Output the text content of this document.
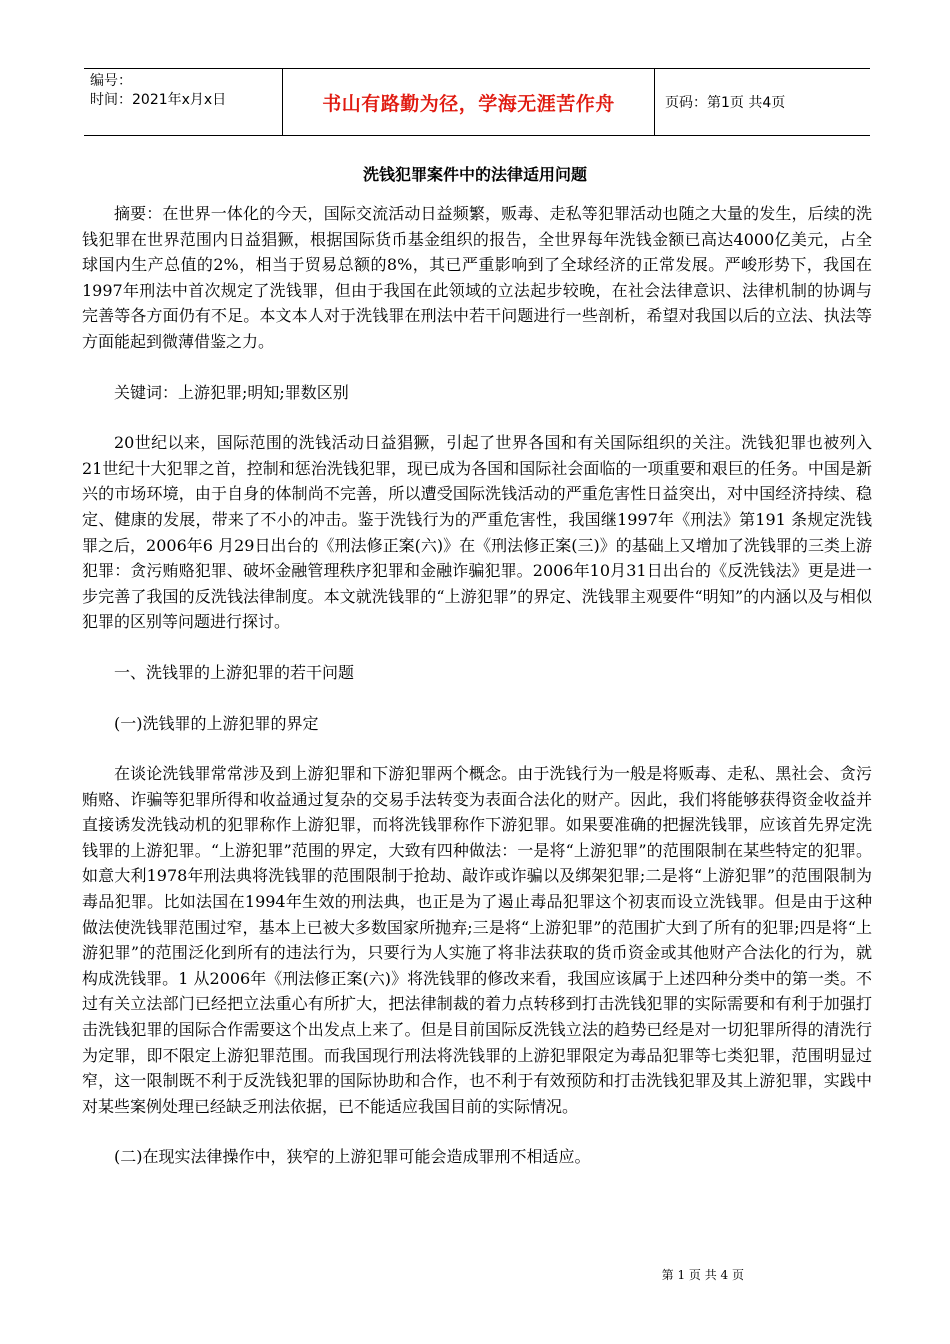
编号：
时间：2021年x月x日	书山有路勤为径，学海无涯苦作舟	页码：第1页 共4页
洗钱犯罪案件中的法律适用问题

摘要：在世界一体化的今天，国际交流活动日益频繁，贩毒、走私等犯罪活动也随之大量的发生，后续的洗钱犯罪在世界范围内日益猖獗，根据国际货币基金组织的报告，全世界每年洗钱金额已高达4000亿美元，占全球国内生产总值的2%，相当于贸易总额的8%，其已严重影响到了全球经济的正常发展。严峻形势下，我国在1997年刑法中首次规定了洗钱罪，但由于我国在此领域的立法起步较晚，在社会法律意识、法律机制的协调与完善等各方面仍有不足。本文本人对于洗钱罪在刑法中若干问题进行一些剖析，希望对我国以后的立法、执法等方面能起到微薄借鉴之力。

关键词：上游犯罪;明知;罪数区别

20世纪以来，国际范围的洗钱活动日益猖獗，引起了世界各国和有关国际组织的关注。洗钱犯罪也被列入21世纪十大犯罪之首，控制和惩治洗钱犯罪，现已成为各国和国际社会面临的一项重要和艰巨的任务。中国是新兴的市场环境，由于自身的体制尚不完善，所以遭受国际洗钱活动的严重危害性日益突出，对中国经济持续、稳定、健康的发展，带来了不小的冲击。鉴于洗钱行为的严重危害性，我国继1997年《刑法》第191 条规定洗钱罪之后，2006年6 月29日出台的《刑法修正案(六)》在《刑法修正案(三)》的基础上又增加了洗钱罪的三类上游犯罪：贪污贿赂犯罪、破坏金融管理秩序犯罪和金融诈骗犯罪。2006年10月31日出台的《反洗钱法》更是进一步完善了我国的反洗钱法律制度。本文就洗钱罪的“上游犯罪”的界定、洗钱罪主观要件“明知”的内涵以及与相似犯罪的区别等问题进行探讨。

一、洗钱罪的上游犯罪的若干问题

(一)洗钱罪的上游犯罪的界定

在谈论洗钱罪常常涉及到上游犯罪和下游犯罪两个概念。由于洗钱行为一般是将贩毒、走私、黑社会、贪污贿赂、诈骗等犯罪所得和收益通过复杂的交易手法转变为表面合法化的财产。因此，我们将能够获得资金收益并直接诱发洗钱动机的犯罪称作上游犯罪，而将洗钱罪称作下游犯罪。如果要准确的把握洗钱罪，应该首先界定洗钱罪的上游犯罪。“上游犯罪”范围的界定，大致有四种做法：一是将“上游犯罪”的范围限制在某些特定的犯罪。如意大利1978年刑法典将洗钱罪的范围限制于抢劫、敲诈或诈骗以及绑架犯罪;二是将“上游犯罪”的范围限制为毒品犯罪。比如法国在1994年生效的刑法典，也正是为了遏止毒品犯罪这个初衷而设立洗钱罪。但是由于这种做法使洗钱罪范围过窄，基本上已被大多数国家所抛弃;三是将“上游犯罪”的范围扩大到了所有的犯罪;四是将“上游犯罪”的范围泛化到所有的违法行为，只要行为人实施了将非法获取的货币资金或其他财产合法化的行为，就构成洗钱罪。1 从2006年《刑法修正案(六)》将洗钱罪的修改来看，我国应该属于上述四种分类中的第一类。不过有关立法部门已经把立法重心有所扩大，把法律制裁的着力点转移到打击洗钱犯罪的实际需要和有利于加强打击洗钱犯罪的国际合作需要这个出发点上来了。但是目前国际反洗钱立法的趋势已经是对一切犯罪所得的清洗行为定罪，即不限定上游犯罪范围。而我国现行刑法将洗钱罪的上游犯罪限定为毒品犯罪等七类犯罪，范围明显过窄，这一限制既不利于反洗钱犯罪的国际协助和合作，也不利于有效预防和打击洗钱犯罪及其上游犯罪，实践中对某些案例处理已经缺乏刑法依据，已不能适应我国目前的实际情况。

(二)在现实法律操作中，狭窄的上游犯罪可能会造成罪刑不相适应。

第 1 页 共 4 页
